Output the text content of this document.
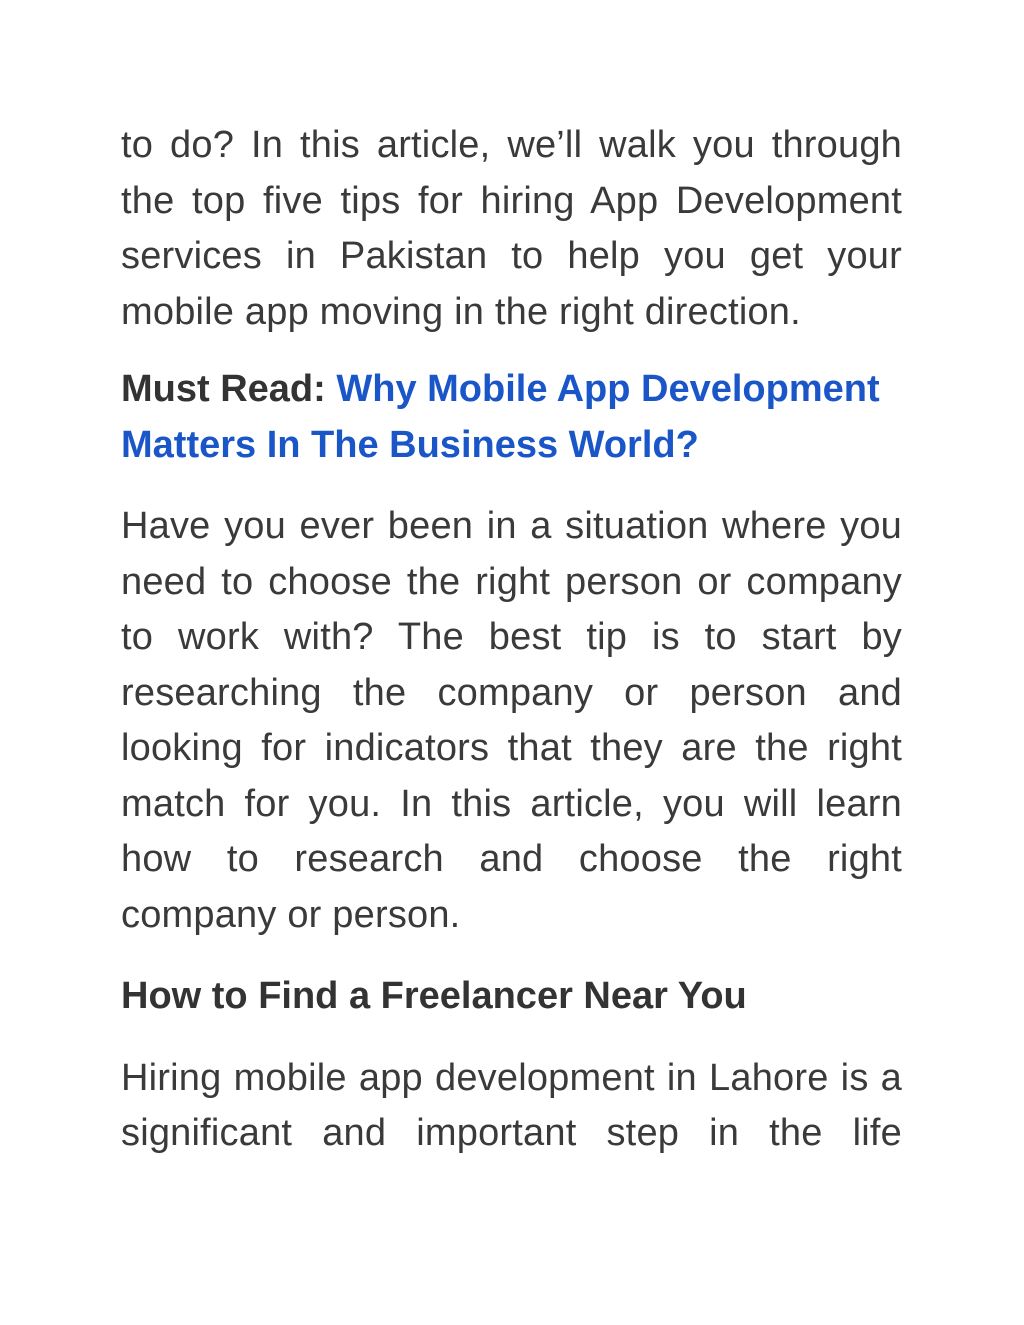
to do? In this article, we’ll walk you through the top five tips for hiring App Development services in Pakistan to help you get your mobile app moving in the right direction.

Must Read: Why Mobile App Development Matters In The Business World?

Have you ever been in a situation where you need to choose the right person or company to work with? The best tip is to start by researching the company or person and looking for indicators that they are the right match for you. In this article, you will learn how to research and choose the right company or person.

How to Find a Freelancer Near You

Hiring mobile app development in Lahore is a significant and important step in the life
